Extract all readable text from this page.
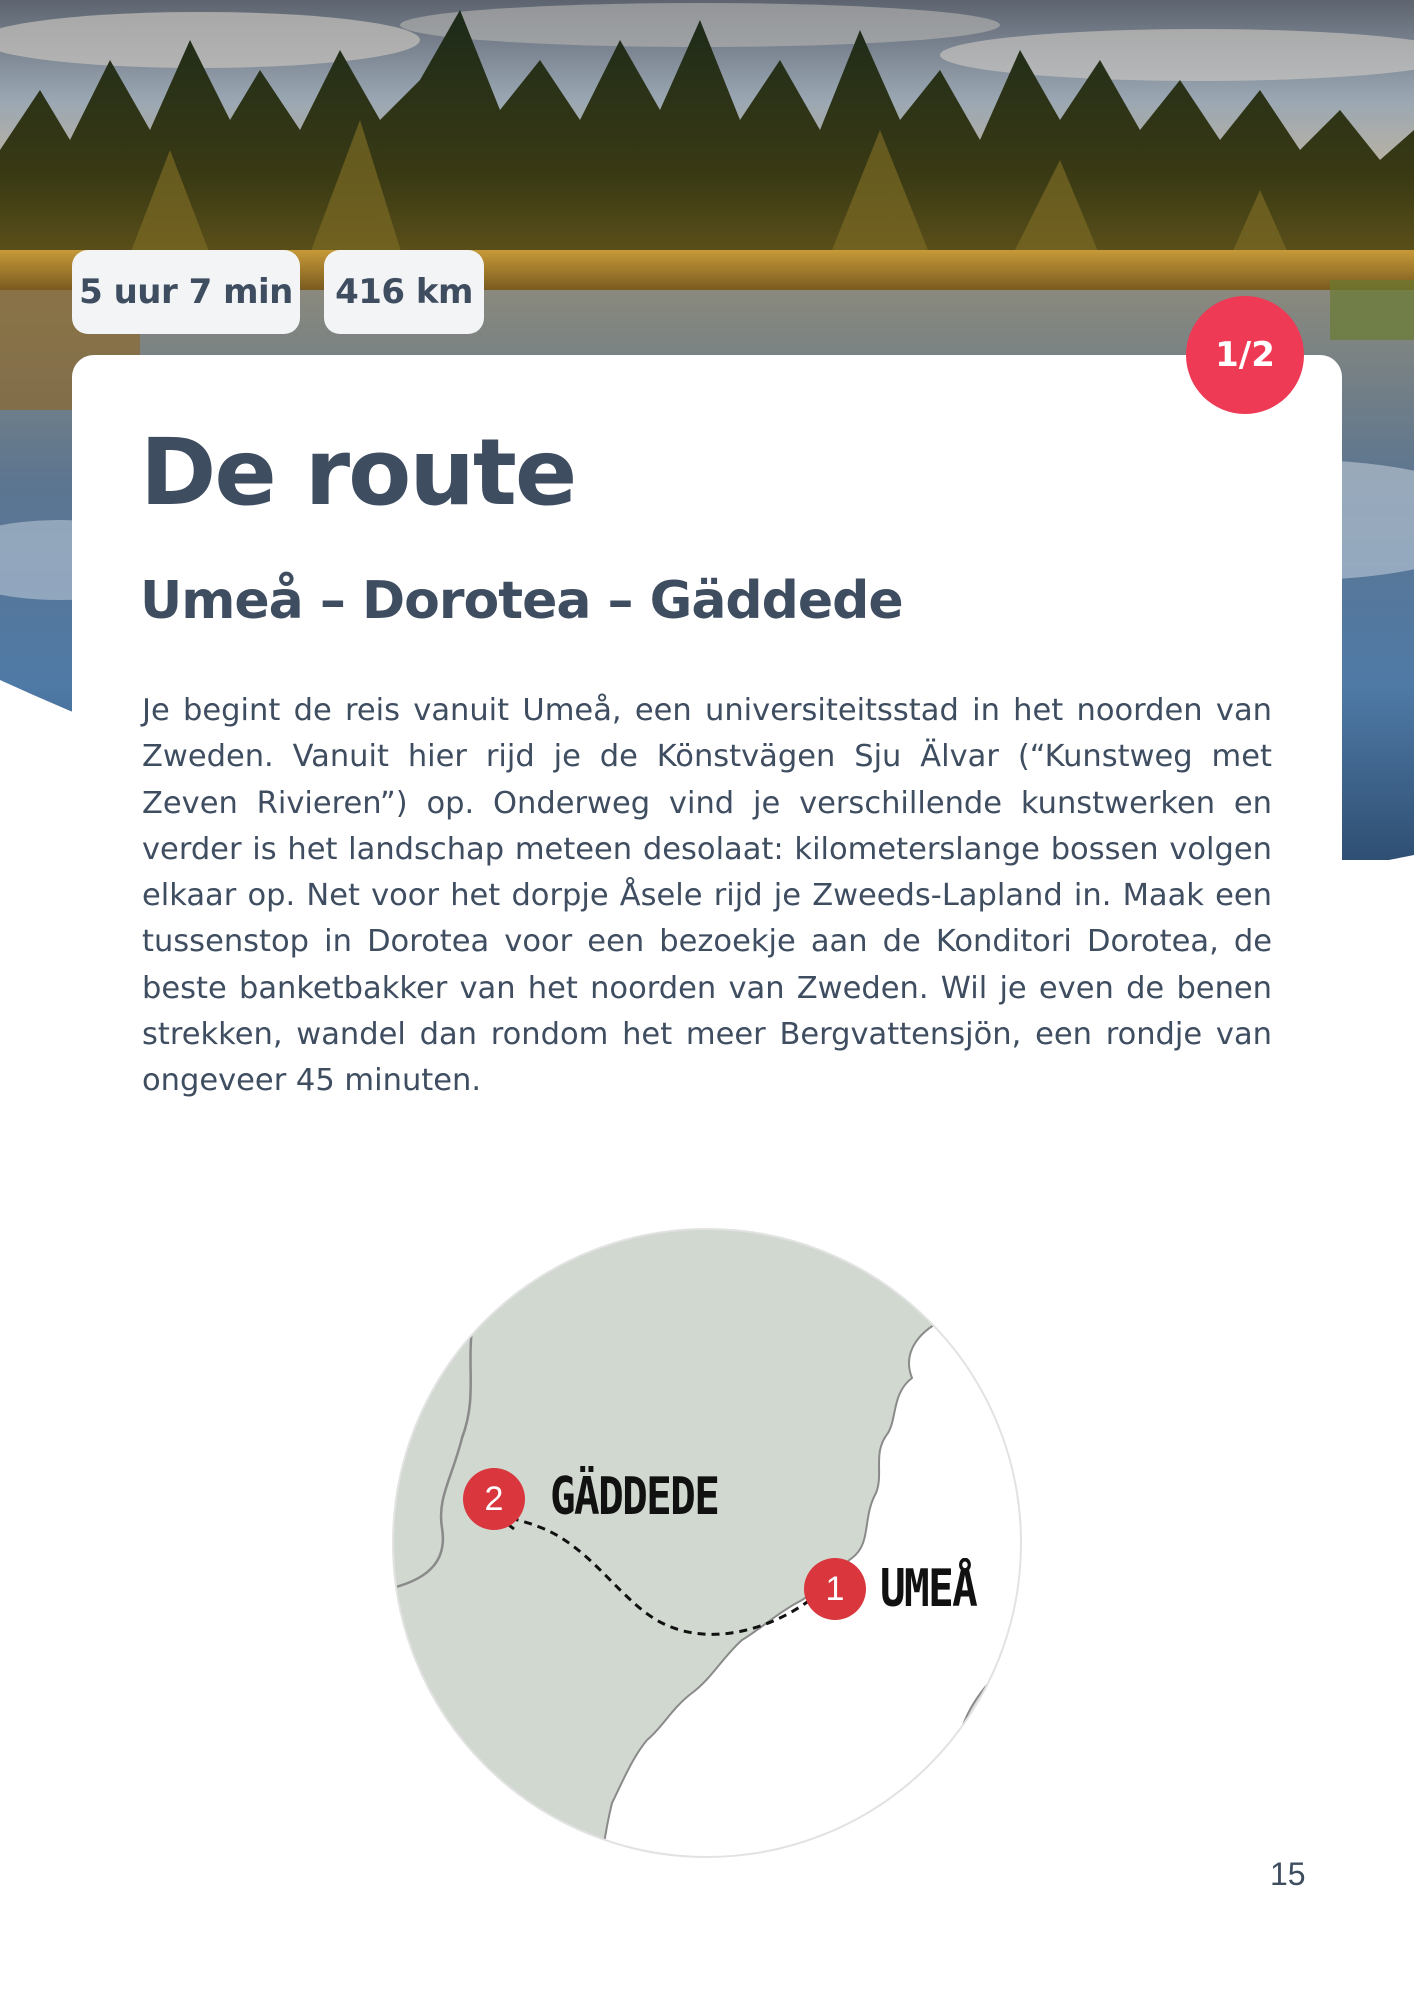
5 uur 7 min 416 km
1/2
De route
Umeå – Dorotea – Gäddede

Je begint de reis vanuit Umeå, een universiteitsstad in het noorden van Zweden. Vanuit hier rijd je de Könstvägen Sju Älvar (“Kunstweg met Zeven Rivieren”) op. Onderweg vind je verschillende kunstwerken en verder is het landschap meteen desolaat: kilometerslange bossen volgen elkaar op. Net voor het dorpje Åsele rijd je Zweeds-Lapland in. Maak een tussenstop in Dorotea voor een bezoekje aan de Konditori Dorotea, de beste banketbakker van het noorden van Zweden. Wil je even de benen strekken, wandel dan rondom het meer Bergvattensjön, een rondje van ongeveer 45 minuten.

2 GÄDDEDE
1 UMEÅ
15
